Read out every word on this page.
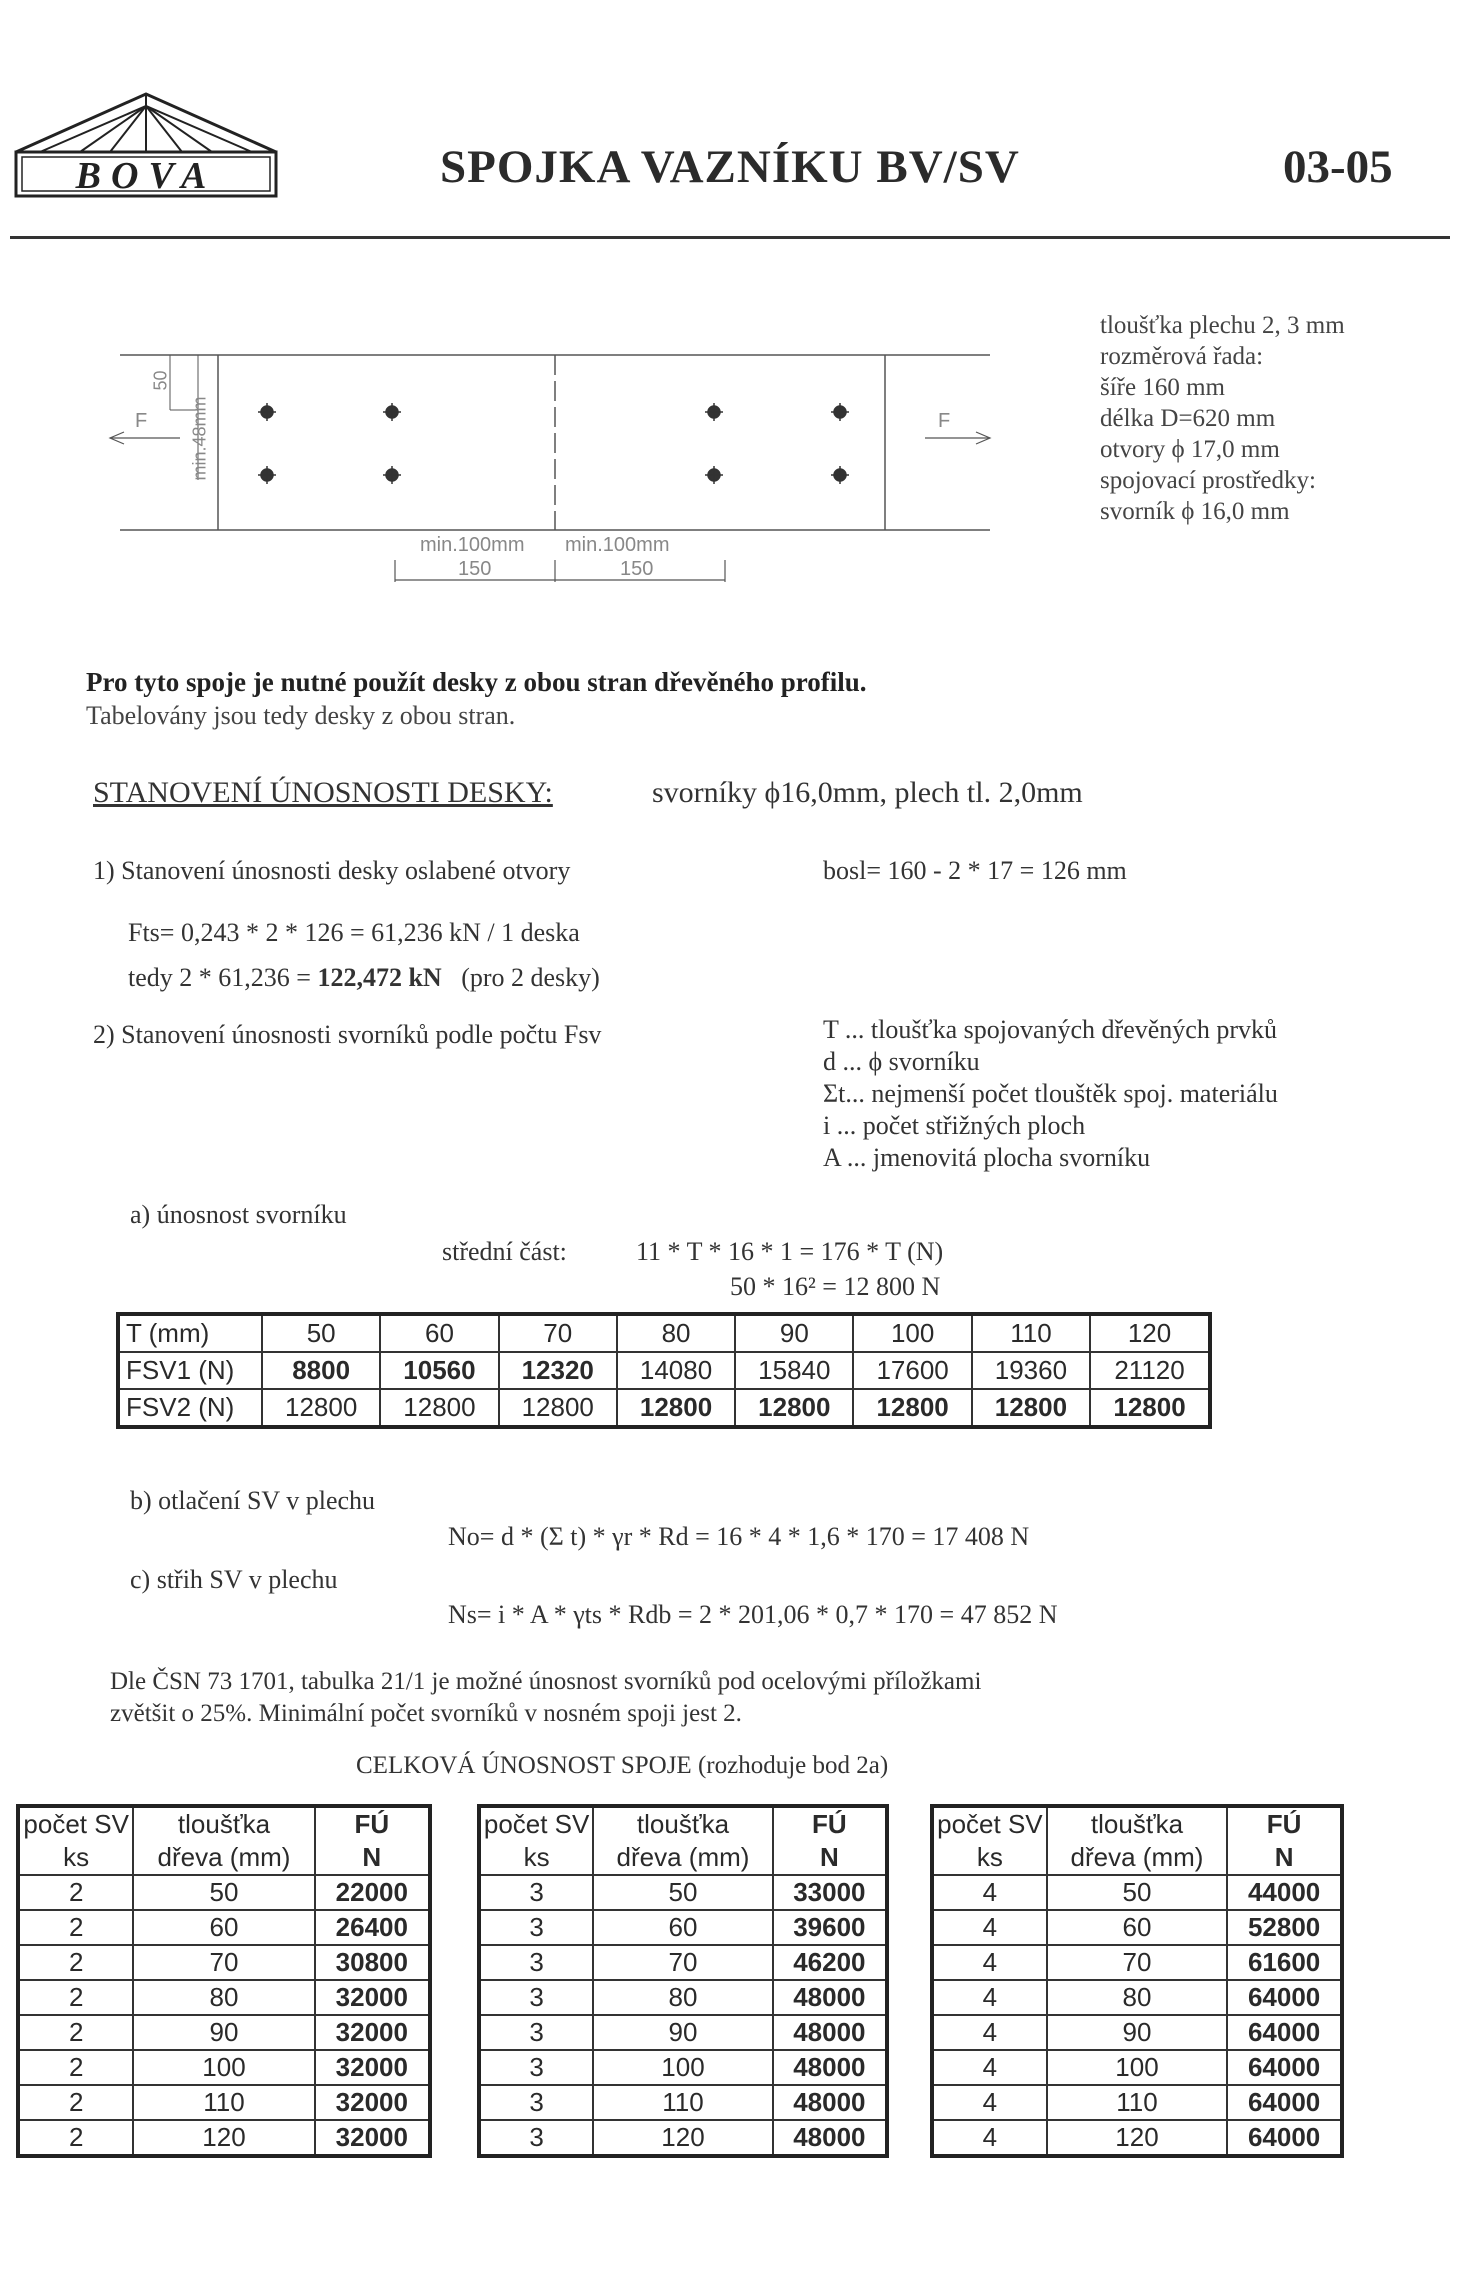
BOVA	SPOJKA VAZNÍKU BV/SV	03-05
F	F
50
min.48mm
min.100mm min.100mm
150	150
tloušťka plechu 2, 3 mm
rozměrová řada:
šíře 160 mm
délka D=620 mm
otvory ϕ 17,0 mm
spojovací prostředky:
svorník ϕ 16,0 mm
Pro tyto spoje je nutné použít desky z obou stran dřevěného profilu.
Tabelovány jsou tedy desky z obou stran.
STANOVENÍ ÚNOSNOSTI DESKY:	svorníky ϕ16,0mm, plech tl. 2,0mm
1) Stanovení únosnosti desky oslabené otvory	bosl= 160 - 2 * 17 = 126 mm
Fts= 0,243 * 2 * 126 = 61,236 kN / 1 deska
tedy 2 * 61,236 = 122,472 kN (pro 2 desky)
2) Stanovení únosnosti svorníků podle počtu Fsv	T ... tloušťka spojovaných dřevěných prvků
d ... ϕ svorníku
Σt... nejmenší počet tlouštěk spoj. materiálu
i ... počet střižných ploch
A ... jmenovitá plocha svorníku
a) únosnost svorníku
střední část:	11 * T * 16 * 1 = 176 * T (N)
50 * 16² = 12 800 N
T (mm)	50	60	70	80	90	100	110	120
FSV1 (N)	8800	10560	12320	14080	15840	17600	19360	21120
FSV2 (N)	12800	12800	12800	12800	12800	12800	12800	12800
b) otlačení SV v plechu
No= d * (Σ t) * γr * Rd = 16 * 4 * 1,6 * 170 = 17 408 N
c) střih SV v plechu
Ns= i * A * γts * Rdb = 2 * 201,06 * 0,7 * 170 = 47 852 N
Dle ČSN 73 1701, tabulka 21/1 je možné únosnost svorníků pod ocelovými příložkami
zvětšit o 25%. Minimální počet svorníků v nosném spoji jest 2.
CELKOVÁ ÚNOSNOST SPOJE (rozhoduje bod 2a)
počet SV	tloušťka	FÚ
ks	dřeva (mm)	N
2	50	22000
2	60	26400
2	70	30800
2	80	32000
2	90	32000
2	100	32000
2	110	32000
2	120	32000
počet SV	tloušťka	FÚ
ks	dřeva (mm)	N
3	50	33000
3	60	39600
3	70	46200
3	80	48000
3	90	48000
3	100	48000
3	110	48000
3	120	48000
počet SV	tloušťka	FÚ
ks	dřeva (mm)	N
4	50	44000
4	60	52800
4	70	61600
4	80	64000
4	90	64000
4	100	64000
4	110	64000
4	120	64000
